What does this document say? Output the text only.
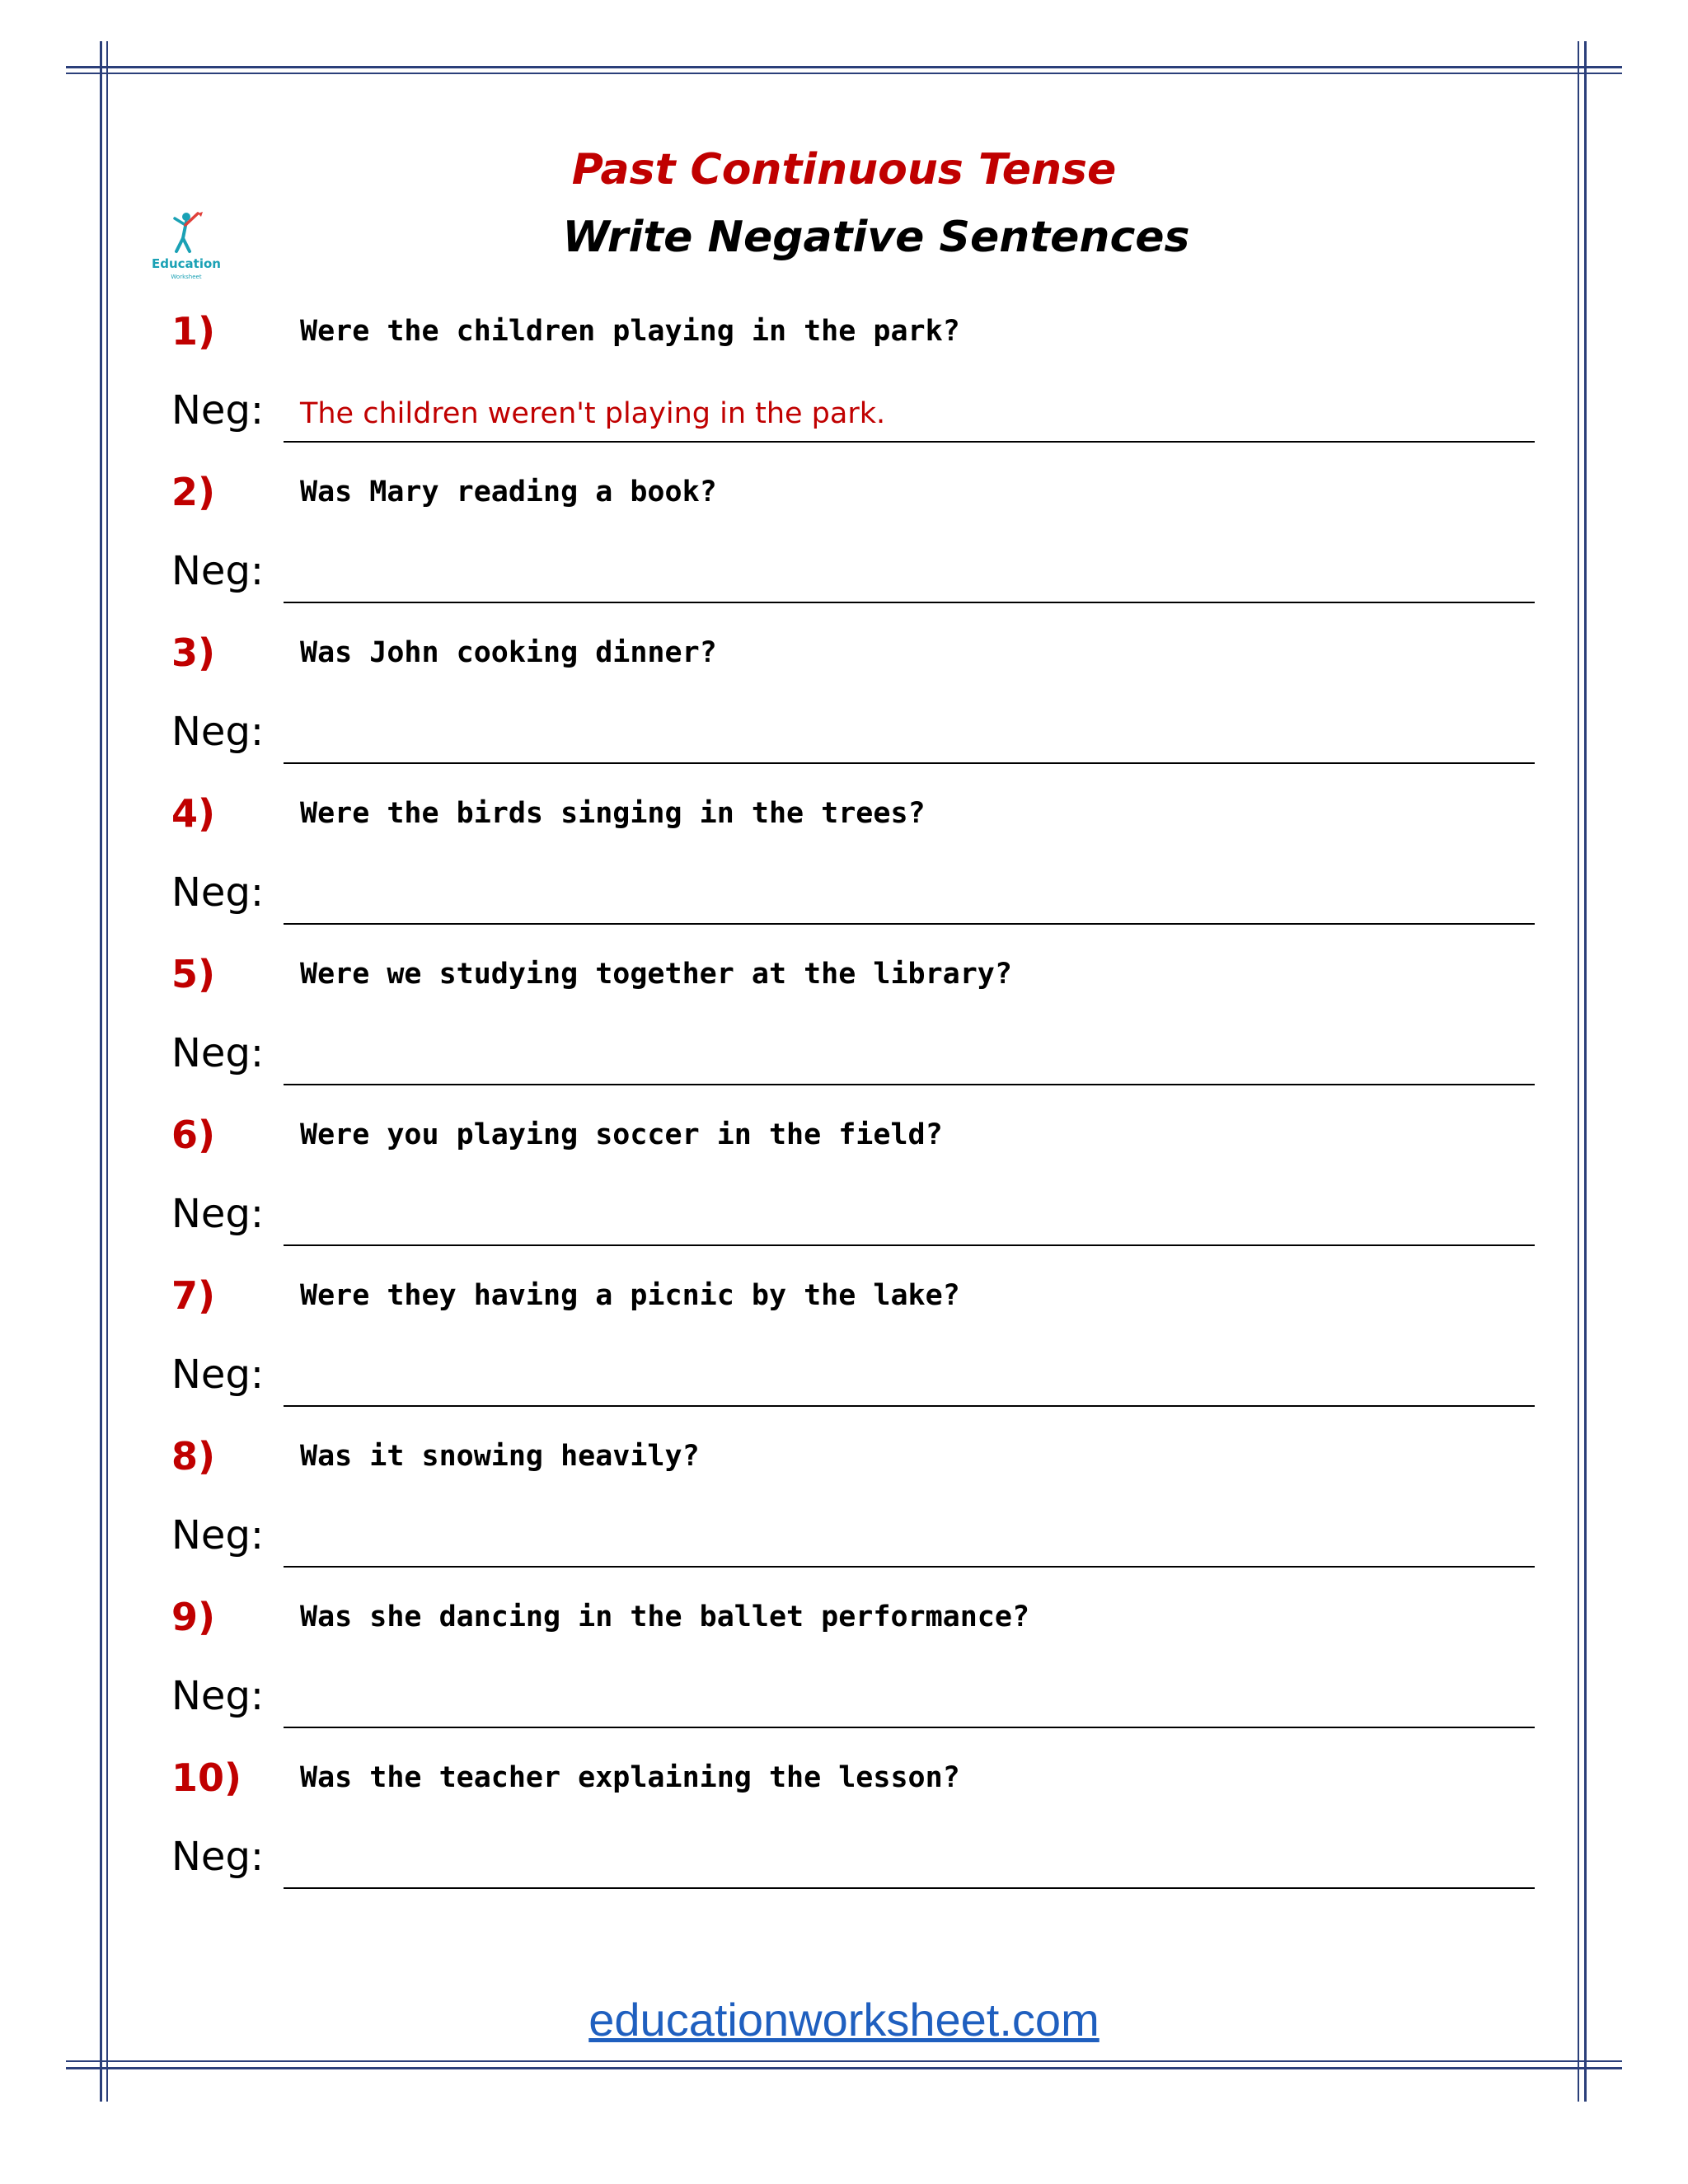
Education
Worksheet
Past Continuous Tense
Write Negative Sentences
1)	Were the children playing in the park?
Neg: The children weren't playing in the park.
2)	Was Mary reading a book?
Neg:
3)	Was John cooking dinner?
Neg:
4)	Were the birds singing in the trees?
Neg:
5)	Were we studying together at the library?
Neg:
6)	Were you playing soccer in the field?
Neg:
7)	Were they having a picnic by the lake?
Neg:
8)	Was it snowing heavily?
Neg:
9)	Was she dancing in the ballet performance?
Neg:
10) Was the teacher explaining the lesson?
Neg:
educationworksheet.com
